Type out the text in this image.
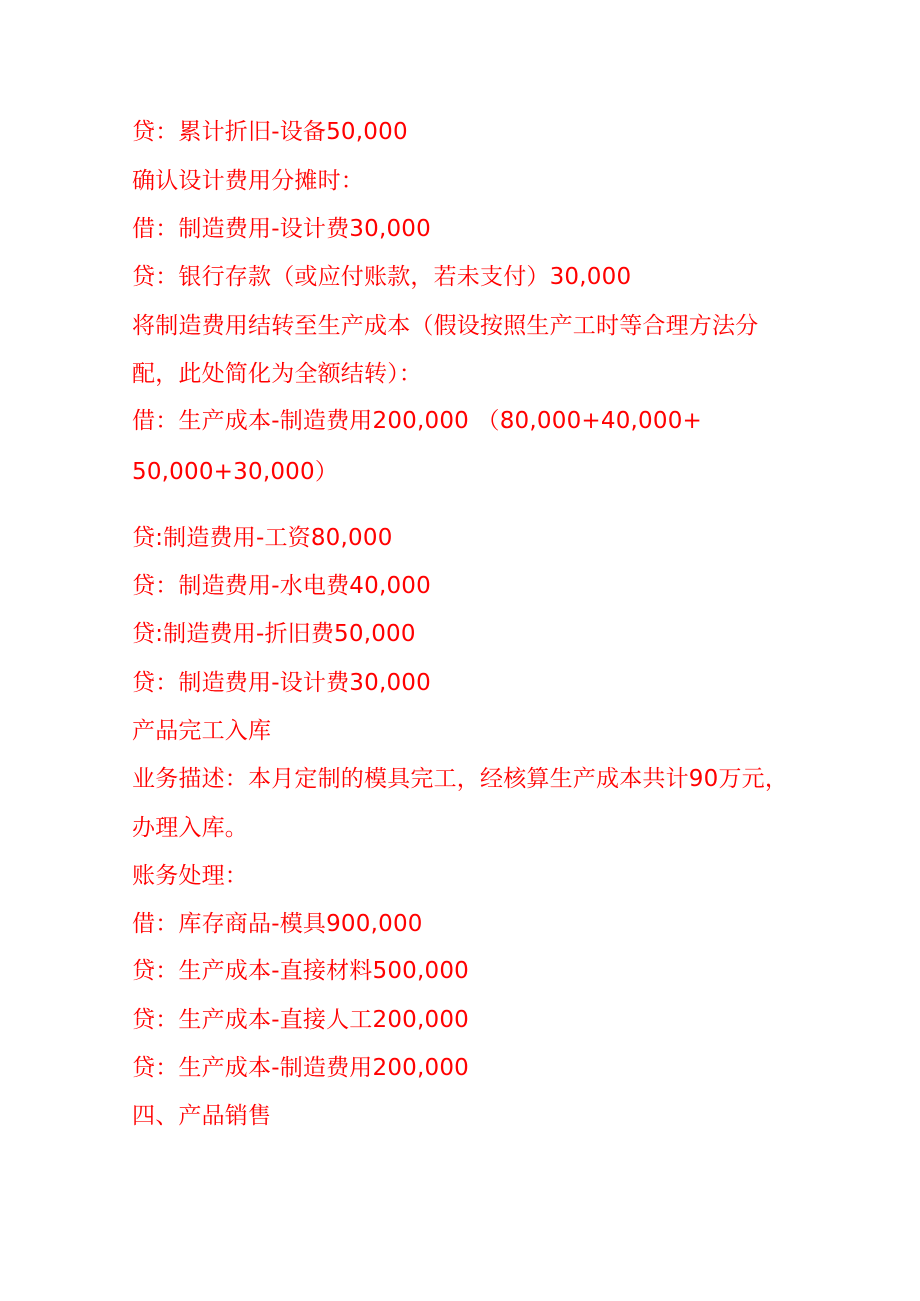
贷：累计折旧-设备50,000
确认设计费用分摊时：
借：制造费用-设计费30,000
贷：银行存款（或应付账款，若未支付）30,000
将制造费用结转至生产成本（假设按照生产工时等合理方法分
配，此处简化为全额结转）：
借：生产成本-制造费用200,000 （80,000+40,000+
50,000+30,000）
贷:制造费用-工资80,000
贷：制造费用-水电费40,000
贷:制造费用-折旧费50,000
贷：制造费用-设计费30,000
产品完工入库
业务描述：本月定制的模具完工，经核算生产成本共计90万元，
办理入库。
账务处理：
借：库存商品-模具900,000
贷：生产成本-直接材料500,000
贷：生产成本-直接人工200,000
贷：生产成本-制造费用200,000
四、产品销售
